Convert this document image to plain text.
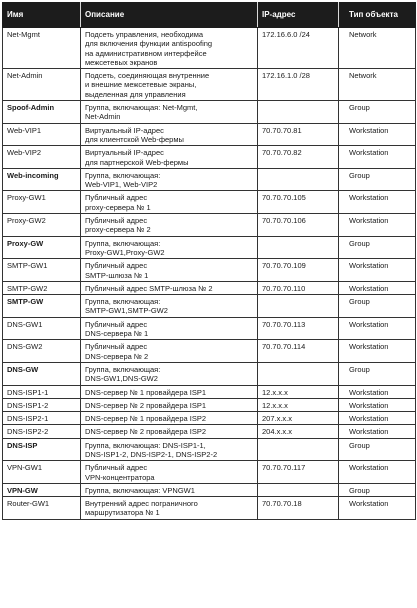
Имя	Описание	IP-адрес	Тип объекта
Net-Mgmt	Подсеть управления, необходима
для включения функции antispoofing
на административном интерфейсе
межсетевых экранов	172.16.6.0 /24	Network
Net-Admin	Подсеть, соединяющая внутренние
и внешние межсетевые экраны,
выделенная для управления	172.16.1.0 /28	Network
Spoof-Admin	Группа, включающая: Net-Mgmt,
Net-Admin		Group
Web-VIP1	Виртуальный IP-адрес
для клиентской Web-фермы	70.70.70.81	Workstation
Web-VIP2	Виртуальный IP-адрес
для партнерской Web-фермы	70.70.70.82	Workstation
Web-incoming	Группа, включающая:
Web-VIP1, Web-VIP2		Group
Proxy-GW1	Публичный адрес
proxy-сервера № 1	70.70.70.105	Workstation
Proxy-GW2	Публичный адрес
proxy-сервера № 2	70.70.70.106	Workstation
Proxy-GW	Группа, включающая:
Proxy-GW1,Proxy-GW2		Group
SMTP-GW1	Публичный адрес
SMTP-шлюза № 1	70.70.70.109	Workstation
SMTP-GW2	Публичный адрес SMTP-шлюза № 2	70.70.70.110	Workstation
SMTP-GW	Группа, включающая:
SMTP-GW1,SMTP-GW2		Group
DNS-GW1	Публичный адрес
DNS-сервера № 1	70.70.70.113	Workstation
DNS-GW2	Публичный адрес
DNS-сервера № 2	70.70.70.114	Workstation
DNS-GW	Группа, включающая:
DNS-GW1,DNS-GW2		Group
DNS-ISP1-1	DNS-сервер № 1 провайдера ISP1	12.x.x.x	Workstation
DNS-ISP1-2	DNS-сервер № 2 провайдера ISP1	12.x.x.x	Workstation
DNS-ISP2-1	DNS-сервер № 1 провайдера ISP2	207.x.x.x	Workstation
DNS-ISP2-2	DNS-сервер № 2 провайдера ISP2	204.x.x.x	Workstation
DNS-ISP	Группа, включающая: DNS-ISP1-1,
DNS-ISP1-2, DNS-ISP2-1, DNS-ISP2-2		Group
VPN-GW1	Публичный адрес
VPN-концентратора	70.70.70.117	Workstation
VPN-GW	Группа, включающая: VPNGW1		Group
Router-GW1	Внутренний адрес пограничного
маршрутизатора № 1	70.70.70.18	Workstation
